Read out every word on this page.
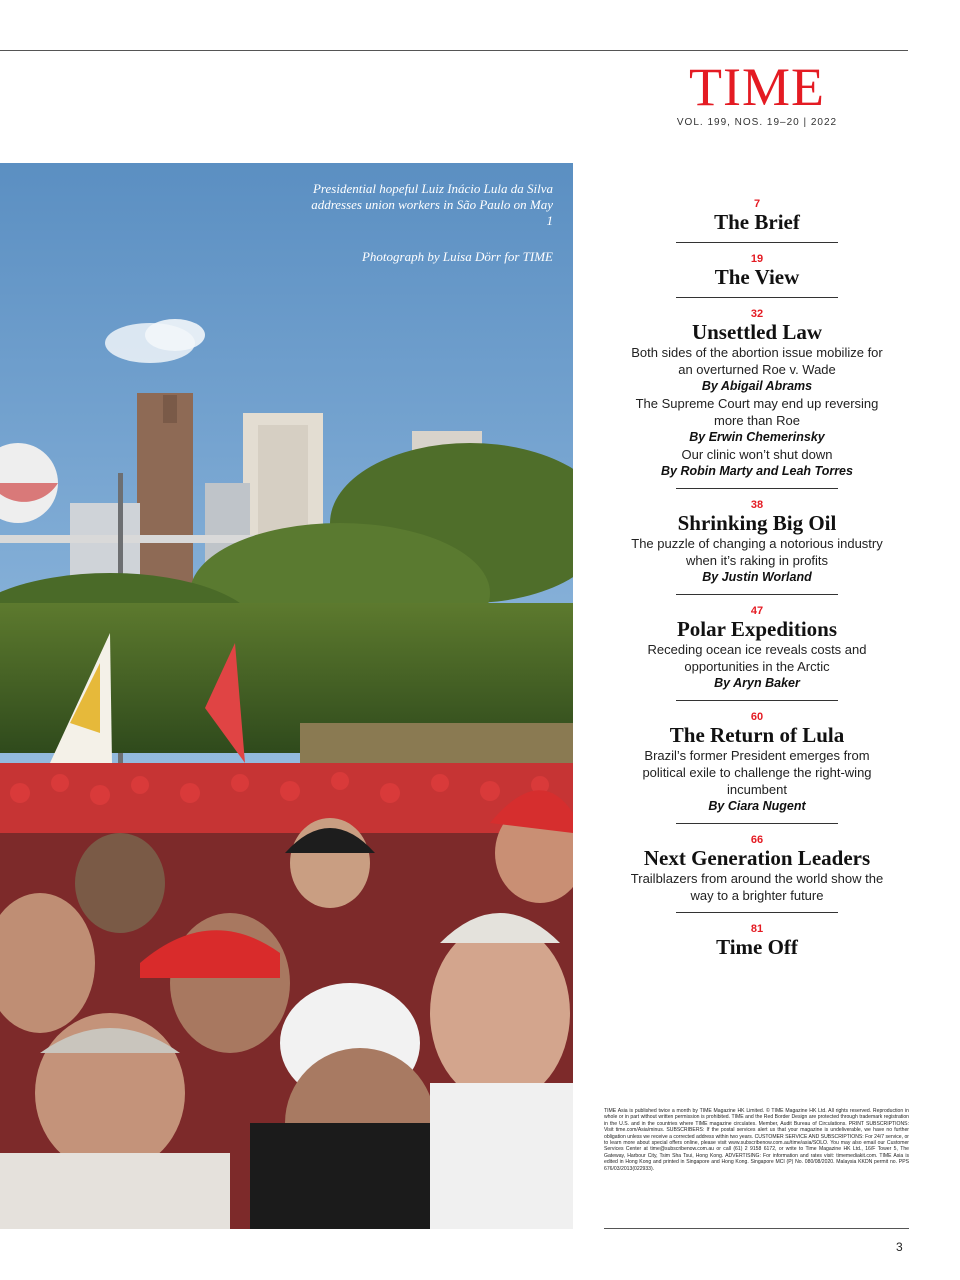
TIME
VOL. 199, NOS. 19–20 | 2022
Presidential hopeful Luiz Inácio Lula da Silva addresses union workers in São Paulo on May 1
Photograph by Luisa Dörr for TIME
7
The Brief
19
The View
32
Unsettled Law
Both sides of the abortion issue mobilize for an overturned Roe v. Wade
By Abigail Abrams
The Supreme Court may end up reversing more than Roe
By Erwin Chemerinsky
Our clinic won’t shut down
By Robin Marty and Leah Torres
38
Shrinking Big Oil
The puzzle of changing a notorious industry when it’s raking in profits
By Justin Worland
47
Polar Expeditions
Receding ocean ice reveals costs and opportunities in the Arctic
By Aryn Baker
60
The Return of Lula
Brazil’s former President emerges from political exile to challenge the right-wing incumbent
By Ciara Nugent
66
Next Generation Leaders
Trailblazers from around the world show the way to a brighter future
81
Time Off
TIME Asia is published twice a month by TIME Magazine HK Limited. © TIME Magazine HK Ltd. All rights reserved. Reproduction in whole or in part without written permission is prohibited. TIME and the Red Border Design are protected through trademark registration in the U.S. and in the countries where TIME magazine circulates. Member, Audit Bureau of Circulations. PRINT SUBSCRIPTIONS: Visit time.com/Asia/minus. SUBSCRIBERS: If the postal services alert us that your magazine is undeliverable, we have no further obligation unless we receive a corrected address within two years. CUSTOMER SERVICE AND SUBSCRIPTIONS: For 24/7 service, or to learn more about special offers online, please visit www.subscribenow.com.au/time/asia/SOLO. You may also email our Customer Services Center at time@subscribenow.com.au or call (61) 2 9158 6172, or write to Time Magazine HK Ltd., 16/F Tower 5, The Gateway, Harbour City, Tsim Sha Tsui, Hong Kong. ADVERTISING: For information and rates visit: timemediakit.com. TIME Asia is edited in Hong Kong and printed in Singapore and Hong Kong. Singapore MCI (P) No. 080/08/2020. Malaysia KKDN permit no. PPS 676/03/2013(022933).
3
